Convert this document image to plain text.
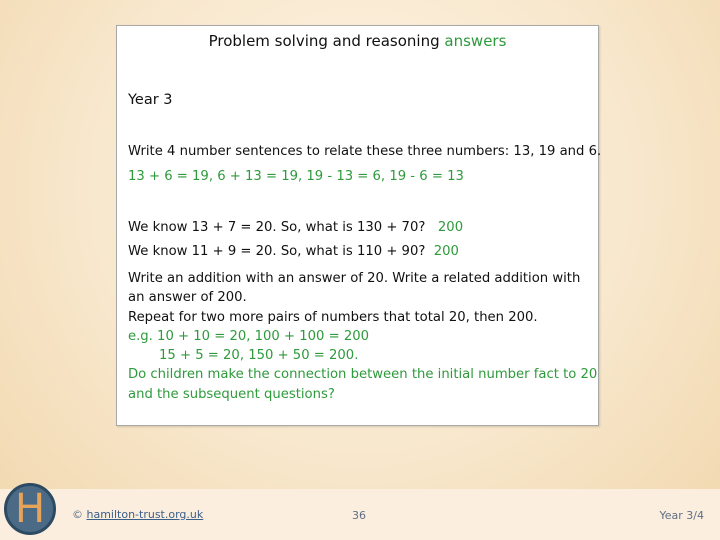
Problem solving and reasoning answers
Year 3
Write 4 number sentences to relate these three numbers: 13, 19 and 6.
13 + 6 = 19, 6 + 13 = 19, 19 - 13 = 6, 19 - 6 = 13
We know 13 + 7 = 20. So, what is 130 + 70? 200
We know 11 + 9 = 20. So, what is 110 + 90? 200
Write an addition with an answer of 20. Write a related addition with
an answer of 200.
Repeat for two more pairs of numbers that total 20, then 200.
e.g. 10 + 10 = 20, 100 + 100 = 200
15 + 5 = 20, 150 + 50 = 200.
Do children make the connection between the initial number fact to 20
and the subsequent questions?
H © hamilton-trust.org.uk	36	Year 3/4
